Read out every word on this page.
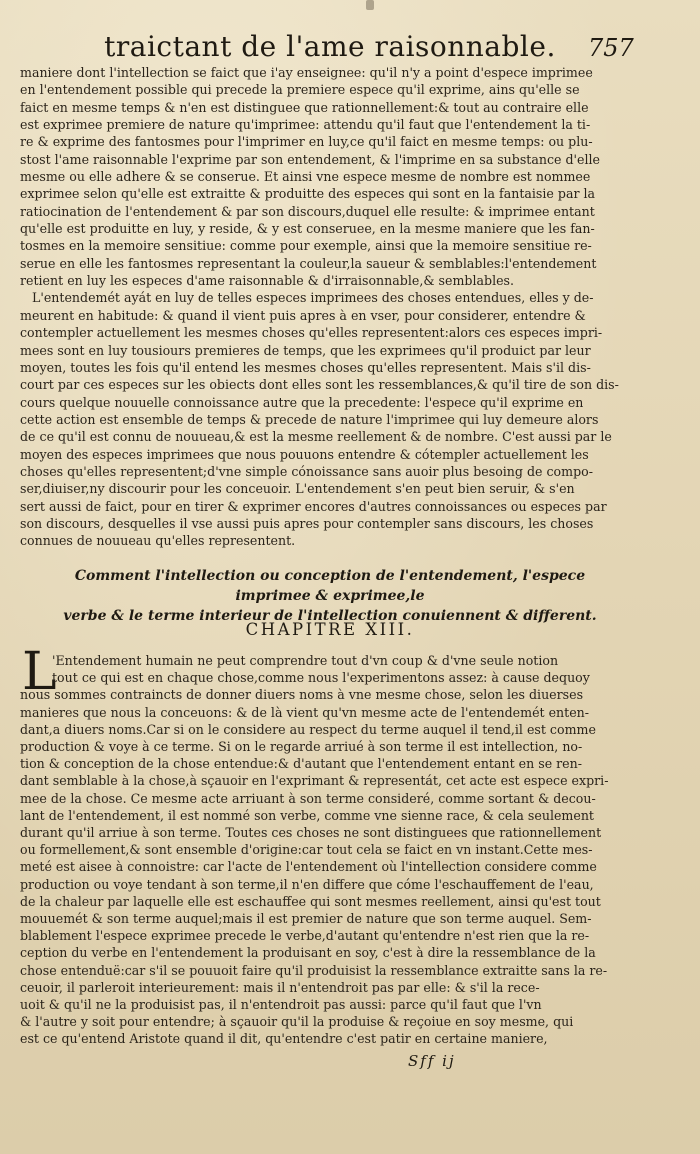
traictant de l'ame raisonnable. 757
maniere dont l'intellection se faict que i'ay enseignee: qu'il n'y a point d'espece imprimee
en l'entendement possible qui precede la premiere espece qu'il exprime, ains qu'elle se
faict en mesme temps & n'en est distinguee que rationnellement:& tout au contraire elle
est exprimee premiere de nature qu'imprimee: attendu qu'il faut que l'entendement la ti-
re & exprime des fantosmes pour l'imprimer en luy,ce qu'il faict en mesme temps: ou plu-
stost l'ame raisonnable l'exprime par son entendement, & l'imprime en sa substance d'elle
mesme ou elle adhere & se conserue. Et ainsi vne espece mesme de nombre est nommee
exprimee selon qu'elle est extraitte & produitte des especes qui sont en la fantaisie par la
ratiocination de l'entendement & par son discours,duquel elle resulte: & imprimee entant
qu'elle est produitte en luy, y reside, & y est conseruee, en la mesme maniere que les fan-
tosmes en la memoire sensitiue: comme pour exemple, ainsi que la memoire sensitiue re-
serue en elle les fantosmes representant la couleur,la saueur & semblables:l'entendement
retient en luy les especes d'ame raisonnable & d'irraisonnable,& semblables.
L'entendemét ayát en luy de telles especes imprimees des choses entendues, elles y de-
meurent en habitude: & quand il vient puis apres à en vser, pour considerer, entendre &
contempler actuellement les mesmes choses qu'elles representent:alors ces especes impri-
mees sont en luy tousiours premieres de temps, que les exprimees qu'il produict par leur
moyen, toutes les fois qu'il entend les mesmes choses qu'elles representent. Mais s'il dis-
court par ces especes sur les obiects dont elles sont les ressemblances,& qu'il tire de son dis-
cours quelque nouuelle connoissance autre que la precedente: l'espece qu'il exprime en
cette action est ensemble de temps & precede de nature l'imprimee qui luy demeure alors
de ce qu'il est connu de nouueau,& est la mesme reellement & de nombre. C'est aussi par le
moyen des especes imprimees que nous pouuons entendre & cótempler actuellement les
choses qu'elles representent;d'vne simple cónoissance sans auoir plus besoing de compo-
ser,diuiser,ny discourir pour les conceuoir. L'entendement s'en peut bien seruir, & s'en
sert aussi de faict, pour en tirer & exprimer encores d'autres connoissances ou especes par
son discours, desquelles il vse aussi puis apres pour contempler sans discours, les choses
connues de nouueau qu'elles representent.
Comment l'intellection ou conception de l'entendement, l'espece imprimee & exprimee,le
verbe & le terme interieur de l'intellection conuiennent & different.
CHAPITRE XIII.
L
'Entendement humain ne peut comprendre tout d'vn coup & d'vne seule notion
tout ce qui est en chaque chose,comme nous l'experimentons assez: à cause dequoy
nous sommes contraincts de donner diuers noms à vne mesme chose, selon les diuerses
manieres que nous la conceuons: & de là vient qu'vn mesme acte de l'entendemét enten-
dant,a diuers noms.Car si on le considere au respect du terme auquel il tend,il est comme
production & voye à ce terme. Si on le regarde arriué à son terme il est intellection, no-
tion & conception de la chose entendue:& d'autant que l'entendement entant en se ren-
dant semblable à la chose,à sçauoir en l'exprimant & representát, cet acte est espece expri-
mee de la chose. Ce mesme acte arriuant à son terme consideré, comme sortant & decou-
lant de l'entendement, il est nommé son verbe, comme vne sienne race, & cela seulement
durant qu'il arriue à son terme. Toutes ces choses ne sont distinguees que rationnellement
ou formellement,& sont ensemble d'origine:car tout cela se faict en vn instant.Cette mes-
meté est aisee à connoistre: car l'acte de l'entendement où l'intellection considere comme
production ou voye tendant à son terme,il n'en differe que cóme l'eschauffement de l'eau,
de la chaleur par laquelle elle est eschauffee qui sont mesmes reellement, ainsi qu'est tout
mouuemét & son terme auquel;mais il est premier de nature que son terme auquel. Sem-
blablement l'espece exprimee precede le verbe,d'autant qu'entendre n'est rien que la re-
ception du verbe en l'entendement la produisant en soy, c'est à dire la ressemblance de la
chose entenduë:car s'il se pouuoit faire qu'il produisist la ressemblance extraitte sans la re-
ceuoir, il parleroit interieurement: mais il n'entendroit pas par elle: & s'il la rece-
uoit & qu'il ne la produisist pas, il n'entendroit pas aussi: parce qu'il faut que l'vn
& l'autre y soit pour entendre; à sçauoir qu'il la produise & reçoiue en soy mesme, qui
est ce qu'entend Aristote quand il dit, qu'entendre c'est patir en certaine maniere,
Sff ij
